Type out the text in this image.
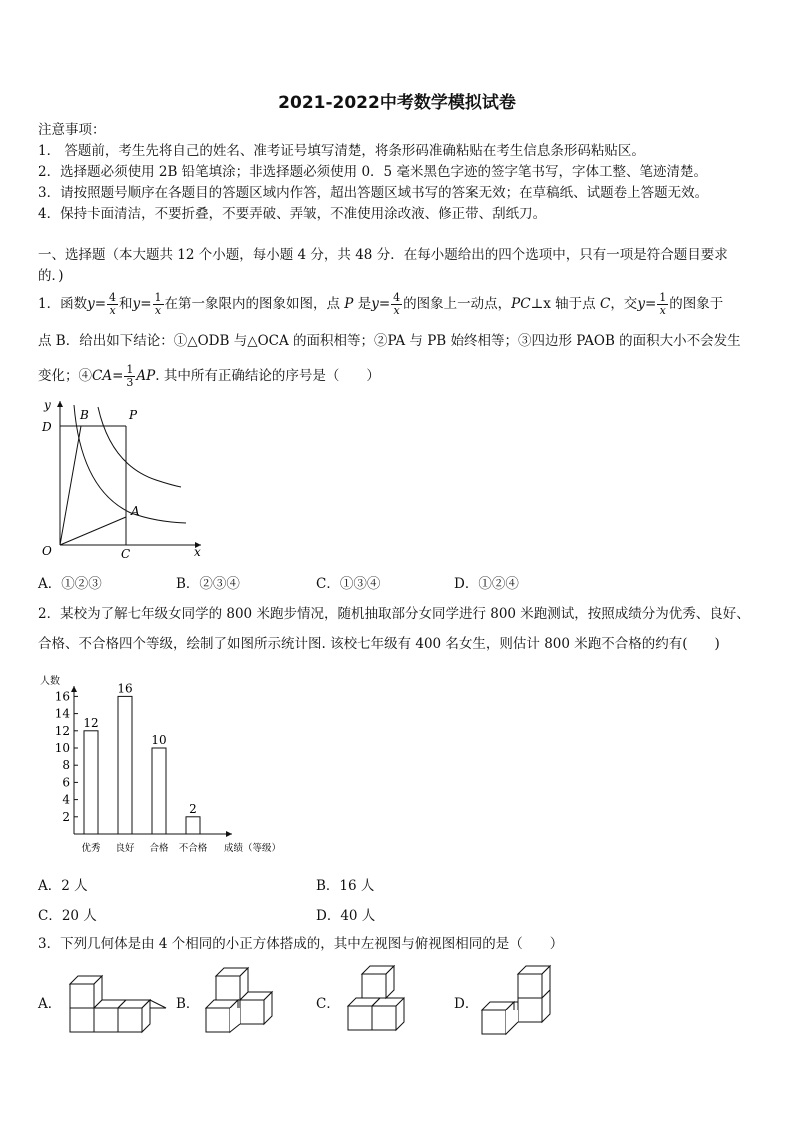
2021-2022中考数学模拟试卷
注意事项：
1． 答题前，考生先将自己的姓名、准考证号填写清楚，将条形码准确粘贴在考生信息条形码粘贴区。
2．选择题必须使用 2B 铅笔填涂；非选择题必须使用 0．5 毫米黑色字迹的签字笔书写，字体工整、笔迹清楚。
3．请按照题号顺序在各题目的答题区域内作答，超出答题区域书写的答案无效；在草稿纸、试题卷上答题无效。
4．保持卡面清洁，不要折叠，不要弄破、弄皱，不准使用涂改液、修正带、刮纸刀。
一、选择题（本大题共 12 个小题，每小题 4 分，共 48 分．在每小题给出的四个选项中，只有一项是符合题目要求
的．)
1．函数$y= \frac{4}{x}$ 和$y= \frac{1}{x}$ 在第一象限内的图象如图，点 P 是$y= \frac{4}{x}$ 的图象上一动点，PC⊥x 轴于点 C，交$y= \frac{1}{x}$ 的图象于
点 B．给出如下结论：①△ODB 与△OCA 的面积相等；②PA 与 PB 始终相等；③四边形 PAOB 的面积大小不会发生
变化；④CA= $\frac{1}{3}$ AP. 其中所有正确结论的序号是（　　）
y
x
O	C
D
B	P
A
A．①②③	B．②③④	C．①③④	D．①②④
2．某校为了解七年级女同学的 800 米跑步情况，随机抽取部分女同学进行 800 米跑测试，按照成绩分为优秀、良好、
合格、不合格四个等级，绘制了如图所示统计图. 该校七年级有 400 名女生，则估计 800 米跑不合格的约有(　　)
人数
成绩（等级）
2
4
6
8
10
12
14
16
12
优秀
16
良好
10
合格
2
不合格
A．2 人	B．16 人
C．20 人	D．40 人
3．下列几何体是由 4 个相同的小正方体搭成的，其中左视图与俯视图相同的是（　　）
A．	B．	C．	D．
